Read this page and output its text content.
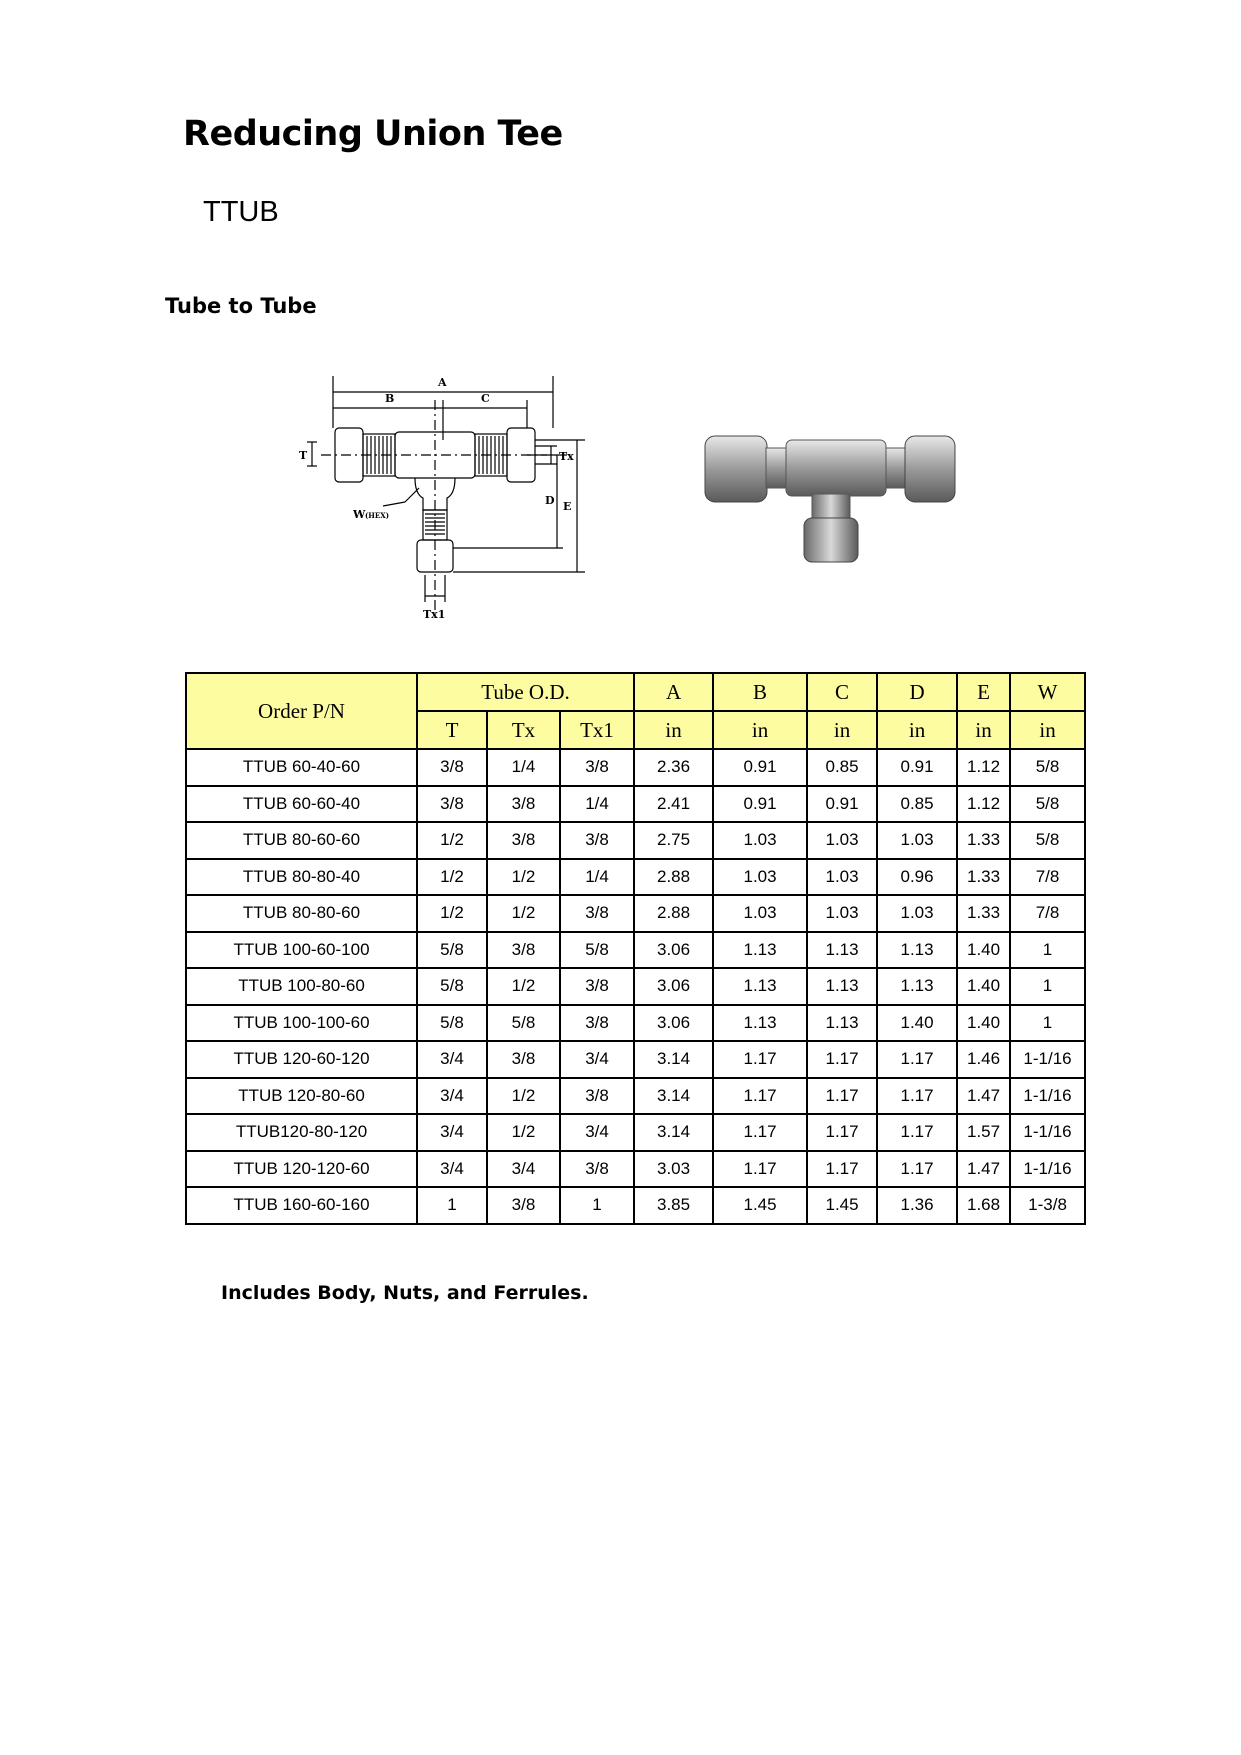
Reducing Union Tee
TTUB
Tube to Tube
A
B	C
T	Tx
D E
W (HEX)
Tx1
Order P/N	Tube O.D.			A	B	C	D	E	W
	T	Tx	Tx1	in	in	in	in	in	in
TTUB 60-40-60	3/8	1/4	3/8	2.36	0.91	0.85	0.91	1.12	5/8
TTUB 60-60-40	3/8	3/8	1/4	2.41	0.91	0.91	0.85	1.12	5/8
TTUB 80-60-60	1/2	3/8	3/8	2.75	1.03	1.03	1.03	1.33	5/8
TTUB 80-80-40	1/2	1/2	1/4	2.88	1.03	1.03	0.96	1.33	7/8
TTUB 80-80-60	1/2	1/2	3/8	2.88	1.03	1.03	1.03	1.33	7/8
TTUB 100-60-100	5/8	3/8	5/8	3.06	1.13	1.13	1.13	1.40	1
TTUB 100-80-60	5/8	1/2	3/8	3.06	1.13	1.13	1.13	1.40	1
TTUB 100-100-60	5/8	5/8	3/8	3.06	1.13	1.13	1.40	1.40	1
TTUB 120-60-120	3/4	3/8	3/4	3.14	1.17	1.17	1.17	1.46	1-1/16
TTUB 120-80-60	3/4	1/2	3/8	3.14	1.17	1.17	1.17	1.47	1-1/16
TTUB120-80-120	3/4	1/2	3/4	3.14	1.17	1.17	1.17	1.57	1-1/16
TTUB 120-120-60	3/4	3/4	3/8	3.03	1.17	1.17	1.17	1.47	1-1/16
TTUB 160-60-160	1	3/8	1	3.85	1.45	1.45	1.36	1.68	1-3/8
Includes Body, Nuts, and Ferrules.
